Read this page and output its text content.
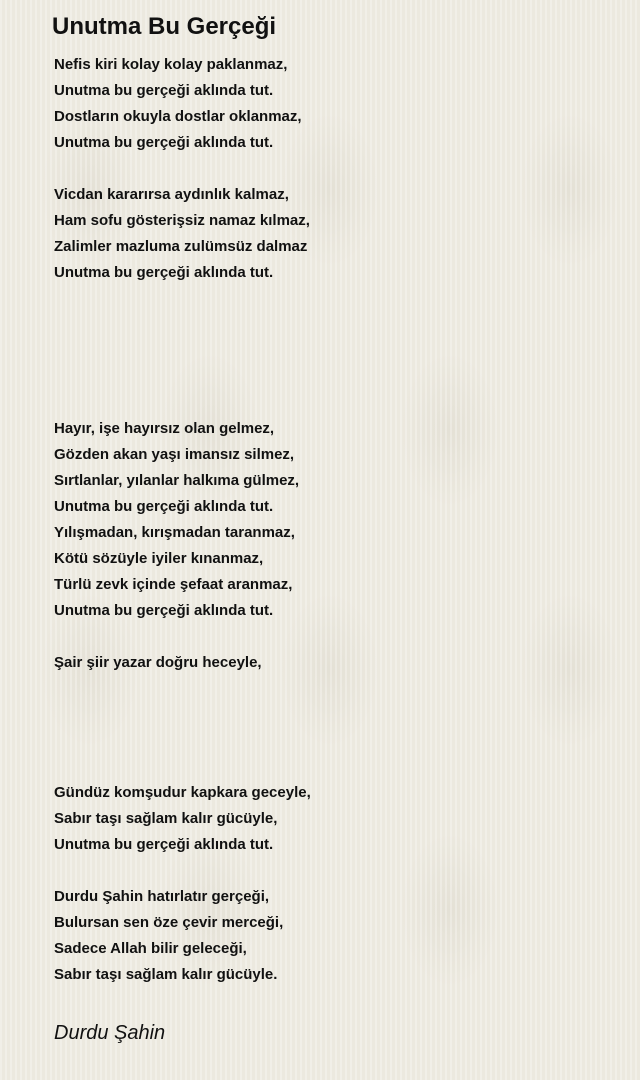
Unutma Bu Gerçeği
Nefis kiri kolay kolay paklanmaz,
Unutma bu gerçeği aklında tut.
Dostların okuyla dostlar oklanmaz,
Unutma bu gerçeği aklında tut.
Vicdan kararırsa aydınlık kalmaz,
Ham sofu gösterişsiz namaz kılmaz,
Zalimler mazluma zulümsüz dalmaz
Unutma bu gerçeği aklında tut.
Hayır, işe hayırsız olan gelmez,
Gözden akan yaşı imansız silmez,
Sırtlanlar, yılanlar halkıma gülmez,
Unutma bu gerçeği aklında tut.
Yılışmadan, kırışmadan taranmaz,
Kötü sözüyle iyiler kınanmaz,
Türlü zevk içinde şefaat aranmaz,
Unutma bu gerçeği aklında tut.
Şair şiir yazar doğru heceyle,
Gündüz komşudur kapkara geceyle,
Sabır taşı sağlam kalır gücüyle,
Unutma bu gerçeği aklında tut.
Durdu Şahin hatırlatır gerçeği,
Bulursan sen öze çevir merceği,
Sadece Allah bilir geleceği,
Sabır taşı sağlam kalır gücüyle.
Durdu Şahin
